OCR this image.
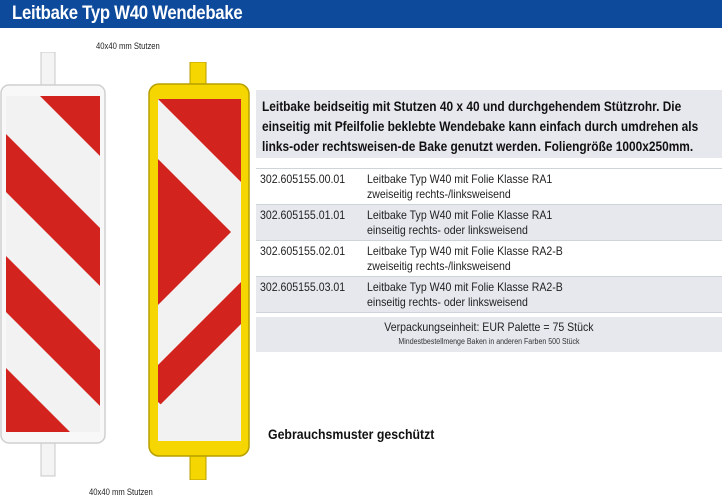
Leitbake Typ W40 Wendebake
40x40 mm Stutzen
40x40 mm Stutzen
Leitbake beidseitig mit Stutzen 40 x 40 und durchgehendem Stützrohr. Die einseitig mit Pfeilfolie beklebte Wendebake kann einfach durch umdrehen als links-oder rechtsweisen-de Bake genutzt werden. Foliengröße 1000x250mm.
302.605155.00.01 Leitbake Typ W40 mit Folie Klasse RA1
zweiseitig rechts-/linksweisend
302.605155.01.01 Leitbake Typ W40 mit Folie Klasse RA1
einseitig rechts- oder linksweisend
302.605155.02.01 Leitbake Typ W40 mit Folie Klasse RA2-B
zweiseitig rechts-/linksweisend
302.605155.03.01 Leitbake Typ W40 mit Folie Klasse RA2-B
einseitig rechts- oder linksweisend
Verpackungseinheit: EUR Palette = 75 Stück
Mindestbestellmenge Baken in anderen Farben 500 Stück
Gebrauchsmuster geschützt
